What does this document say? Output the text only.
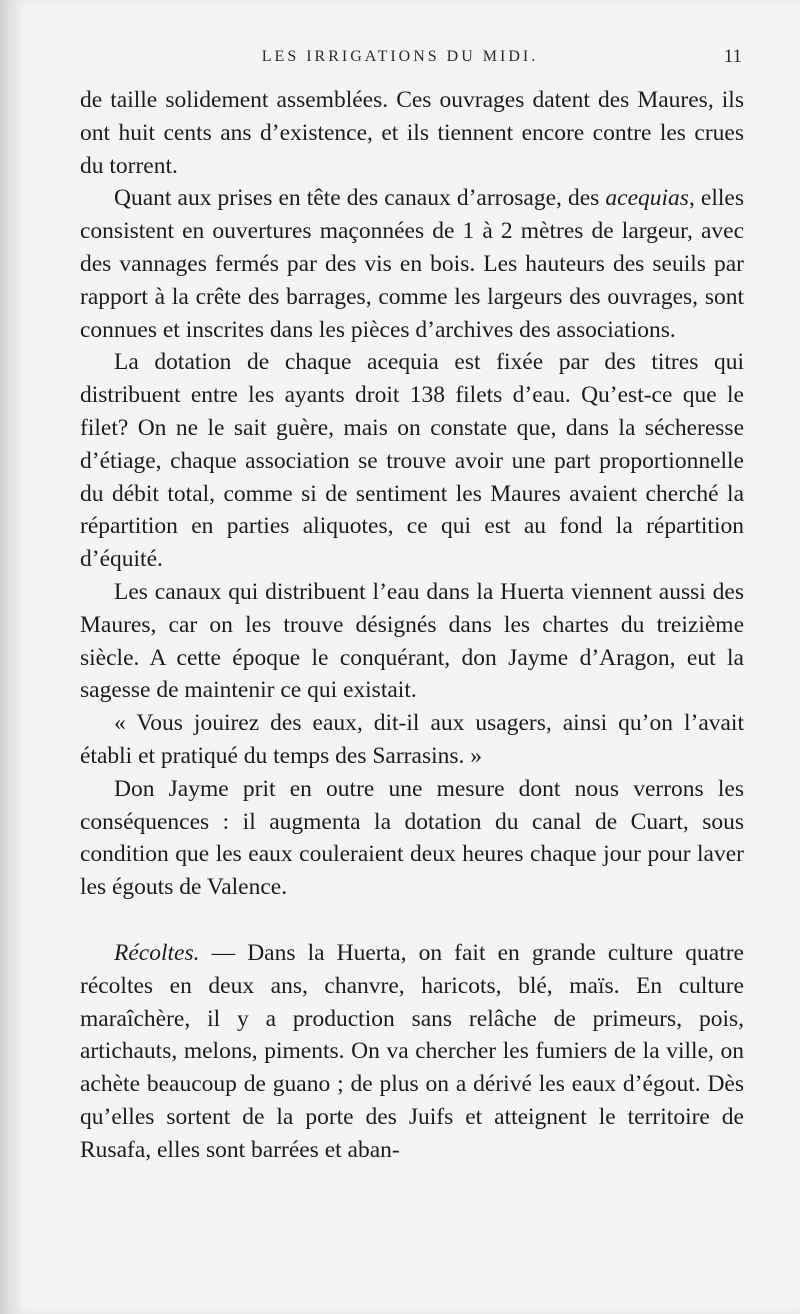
LES IRRIGATIONS DU MIDI.	11

de taille solidement assemblées. Ces ouvrages datent des Maures, ils ont huit cents ans d’existence, et ils tiennent encore contre les crues du torrent.

Quant aux prises en tête des canaux d’arrosage, des acequias, elles consistent en ouvertures maçonnées de 1 à 2 mètres de largeur, avec des vannages fermés par des vis en bois. Les hauteurs des seuils par rapport à la crête des barrages, comme les largeurs des ouvrages, sont connues et inscrites dans les pièces d’archives des associations.

La dotation de chaque acequia est fixée par des titres qui distribuent entre les ayants droit 138 filets d’eau. Qu’est-ce que le filet? On ne le sait guère, mais on constate que, dans la sécheresse d’étiage, chaque association se trouve avoir une part proportionnelle du débit total, comme si de sentiment les Maures avaient cherché la répartition en parties aliquotes, ce qui est au fond la répartition d’équité.

Les canaux qui distribuent l’eau dans la Huerta viennent aussi des Maures, car on les trouve désignés dans les chartes du treizième siècle. A cette époque le conquérant, don Jayme d’Aragon, eut la sagesse de maintenir ce qui existait.

« Vous jouirez des eaux, dit-il aux usagers, ainsi qu’on l’avait établi et pratiqué du temps des Sarrasins. »

Don Jayme prit en outre une mesure dont nous verrons les conséquences : il augmenta la dotation du canal de Cuart, sous condition que les eaux couleraient deux heures chaque jour pour laver les égouts de Valence.

Récoltes. — Dans la Huerta, on fait en grande culture quatre récoltes en deux ans, chanvre, haricots, blé, maïs. En culture maraîchère, il y a production sans relâche de primeurs, pois, artichauts, melons, piments. On va chercher les fumiers de la ville, on achète beaucoup de guano ; de plus on a dérivé les eaux d’égout. Dès qu’elles sortent de la porte des Juifs et atteignent le territoire de Rusafa, elles sont barrées et aban-
